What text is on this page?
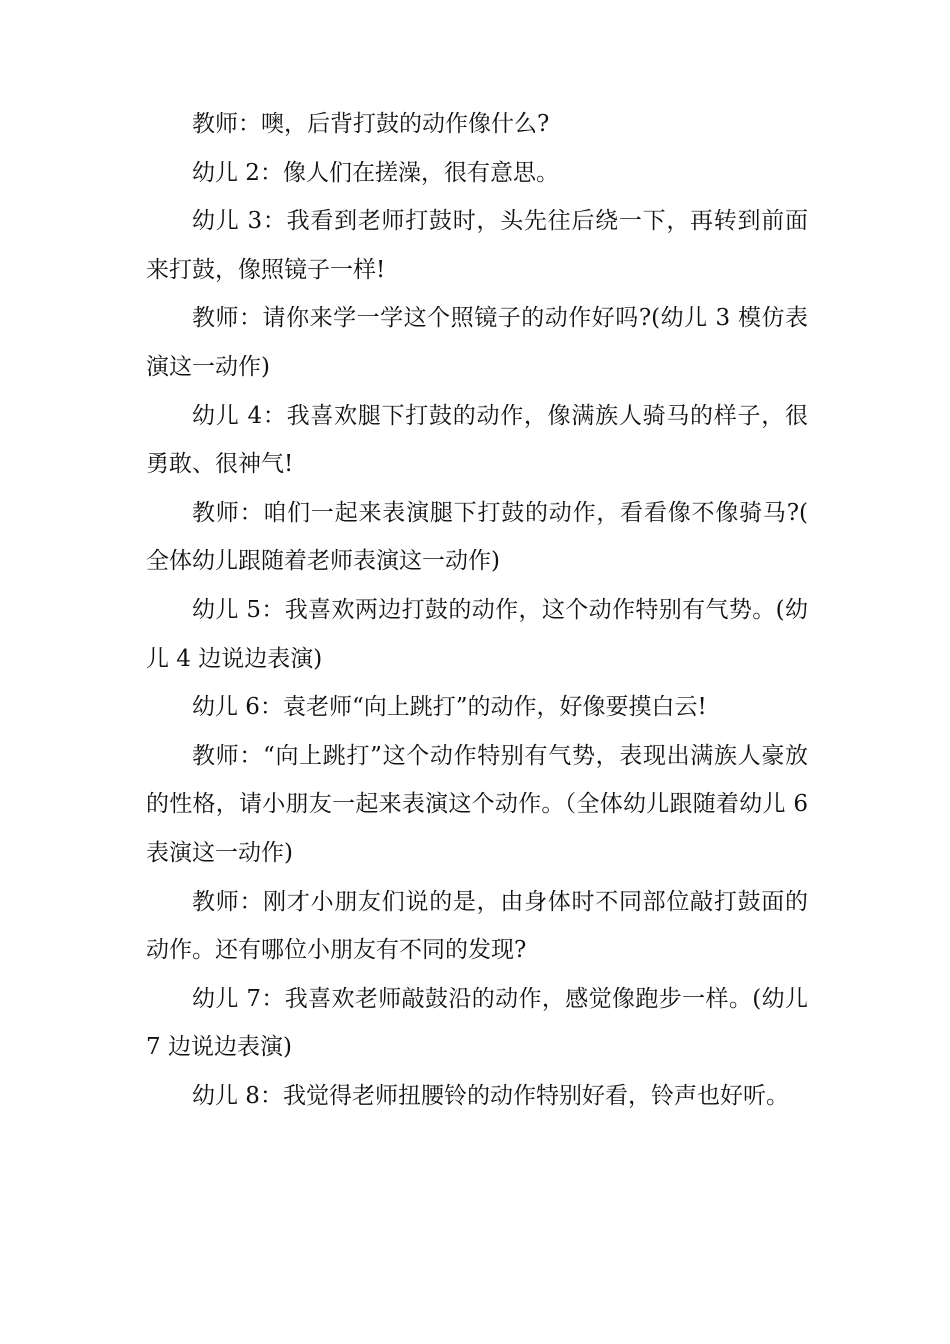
教师：噢，后背打鼓的动作像什么?

幼儿 2：像人们在搓澡，很有意思。

幼儿 3：我看到老师打鼓时，头先往后绕一下，再转到前面来打鼓，像照镜子一样!

教师：请你来学一学这个照镜子的动作好吗?(幼儿 3 模仿表演这一动作)

幼儿 4：我喜欢腿下打鼓的动作，像满族人骑马的样子，很勇敢、很神气!

教师：咱们一起来表演腿下打鼓的动作，看看像不像骑马?(全体幼儿跟随着老师表演这一动作)

幼儿 5：我喜欢两边打鼓的动作，这个动作特别有气势。(幼儿 4 边说边表演)

幼儿 6：袁老师“向上跳打”的动作，好像要摸白云!

教师：“向上跳打”这个动作特别有气势，表现出满族人豪放的性格，请小朋友一起来表演这个动作。（全体幼儿跟随着幼儿 6 表演这一动作)

教师：刚才小朋友们说的是，由身体时不同部位敲打鼓面的动作。还有哪位小朋友有不同的发现?

幼儿 7：我喜欢老师敲鼓沿的动作，感觉像跑步一样。(幼儿 7 边说边表演)

幼儿 8：我觉得老师扭腰铃的动作特别好看，铃声也好听。
